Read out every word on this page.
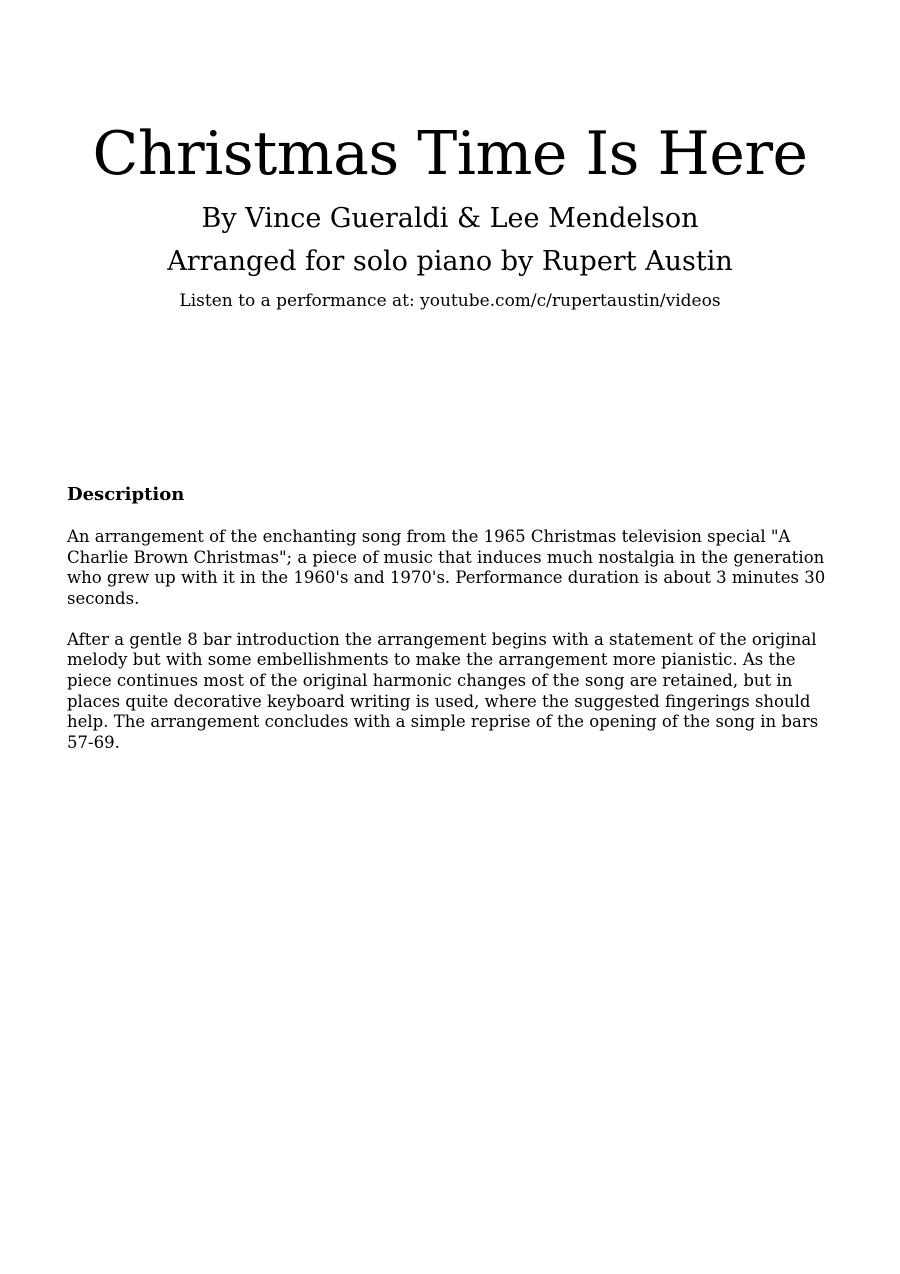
Christmas Time Is Here
By Vince Gueraldi & Lee Mendelson
Arranged for solo piano by Rupert Austin
Listen to a performance at: youtube.com/c/rupertaustin/videos
Description

An arrangement of the enchanting song from the 1965 Christmas television special "A Charlie Brown Christmas"; a piece of music that induces much nostalgia in the generation who grew up with it in the 1960's and 1970's. Performance duration is about 3 minutes 30 seconds.

After a gentle 8 bar introduction the arrangement begins with a statement of the original melody but with some embellishments to make the arrangement more pianistic. As the piece continues most of the original harmonic changes of the song are retained, but in places quite decorative keyboard writing is used, where the suggested fingerings should help. The arrangement concludes with a simple reprise of the opening of the song in bars 57-69.
